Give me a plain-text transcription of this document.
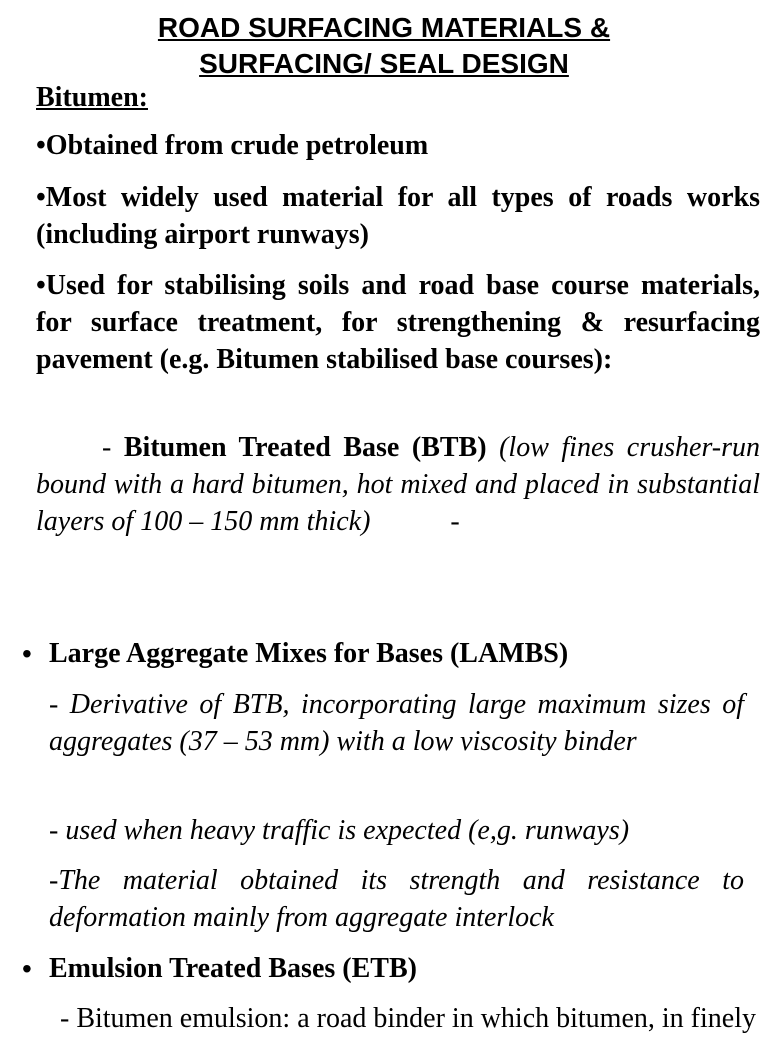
ROAD SURFACING MATERIALS &
SURFACING/ SEAL DESIGN
Bitumen:
•Obtained from crude petroleum
•Most widely used material for all types of roads works (including airport runways)
•Used for stabilising soils and road base course materials, for surface treatment, for strengthening & resurfacing pavement (e.g. Bitumen stabilised base courses):
- Bitumen Treated Base (BTB) (low fines crusher-run bound with a hard bitumen, hot mixed and placed in substantial layers of 100 – 150 mm thick)	-
• Large Aggregate Mixes for Bases (LAMBS)
- Derivative of BTB, incorporating large maximum sizes of aggregates (37 – 53 mm) with a low viscosity binder
- used when heavy traffic is expected (e,g. runways)
-The material obtained its strength and resistance to deformation mainly from aggregate interlock
• Emulsion Treated Bases (ETB)
- Bitumen emulsion: a road binder in which bitumen, in finely
